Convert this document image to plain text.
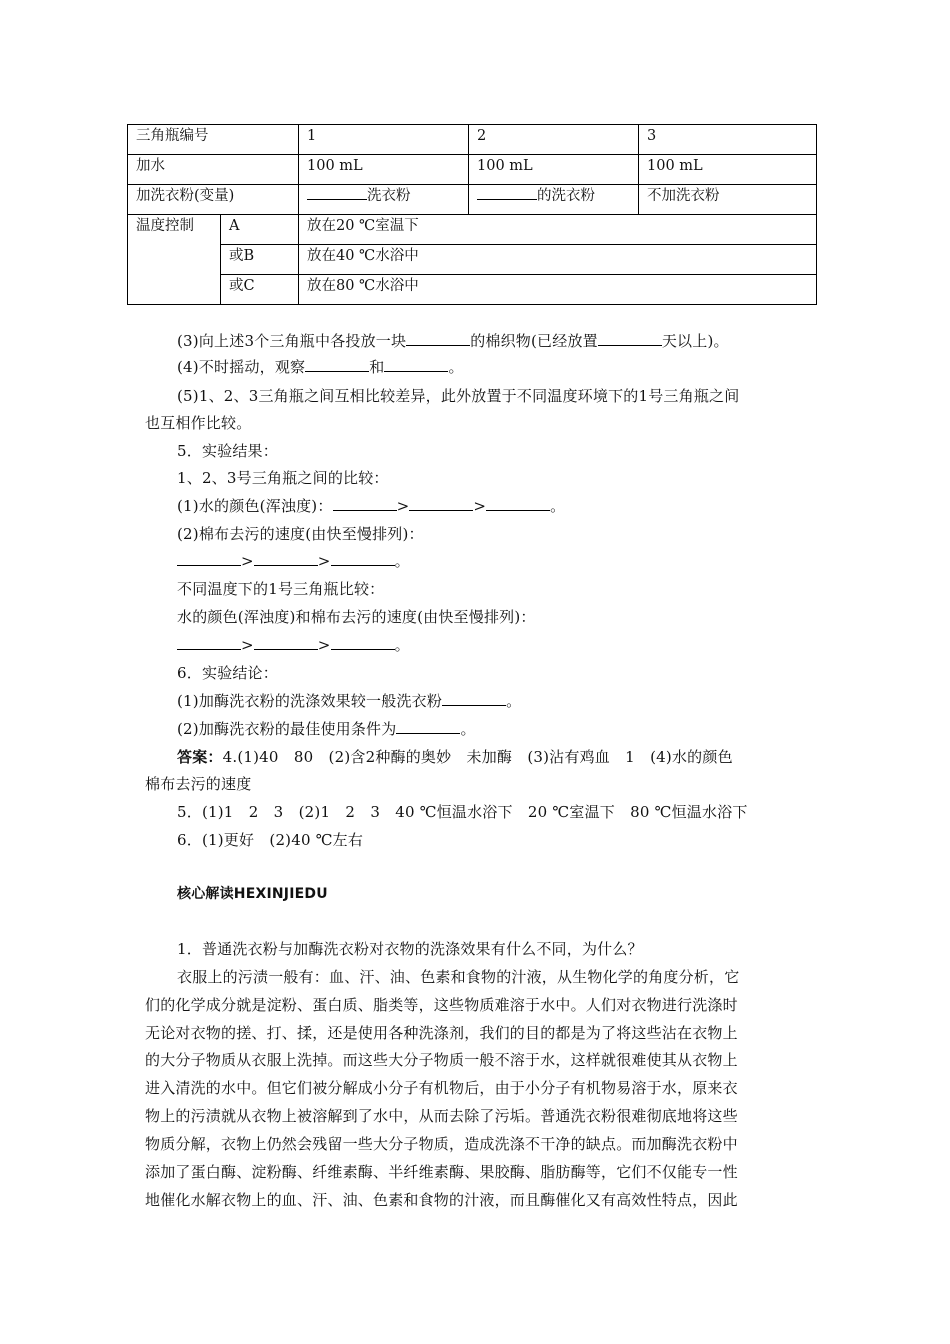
三角瓶编号		1	2	3
加水		100 mL	100 mL	100 mL
加洗衣粉(变量)		洗衣粉	的洗衣粉	不加洗衣粉
温度控制	A	放在20 ℃室温下		
	或B	放在40 ℃水浴中		
	或C	放在80 ℃水浴中		
(3)向上述3个三角瓶中各投放一块	的棉织物(已经放置	天以上)。
(4)不时摇动，观察	和	。
(5)1、2、3三角瓶之间互相比较差异，此外放置于不同温度环境下的1号三角瓶之间
也互相作比较。
5．实验结果：
1、2、3号三角瓶之间的比较：
(1)水的颜色(浑浊度)：	>	>	。
(2)棉布去污的速度(由快至慢排列)：
>	>	。
不同温度下的1号三角瓶比较：
水的颜色(浑浊度)和棉布去污的速度(由快至慢排列)：
>	>	。
6．实验结论：
(1)加酶洗衣粉的洗涤效果较一般洗衣粉	。
(2)加酶洗衣粉的最佳使用条件为	。
答案：4.(1)40　80　(2)含2种酶的奥妙　未加酶　(3)沾有鸡血　1　(4)水的颜色
棉布去污的速度
5．(1)1　2　3　(2)1　2　3　40 ℃恒温水浴下　20 ℃室温下　80 ℃恒温水浴下
6．(1)更好　(2)40 ℃左右
核心解读HEXINJIEDU
1．普通洗衣粉与加酶洗衣粉对衣物的洗涤效果有什么不同，为什么？
衣服上的污渍一般有：血、汗、油、色素和食物的汁液，从生物化学的角度分析，它
们的化学成分就是淀粉、蛋白质、脂类等，这些物质难溶于水中。人们对衣物进行洗涤时
无论对衣物的搓、打、揉，还是使用各种洗涤剂，我们的目的都是为了将这些沾在衣物上
的大分子物质从衣服上洗掉。而这些大分子物质一般不溶于水，这样就很难使其从衣物上
进入清洗的水中。但它们被分解成小分子有机物后，由于小分子有机物易溶于水，原来衣
物上的污渍就从衣物上被溶解到了水中，从而去除了污垢。普通洗衣粉很难彻底地将这些
物质分解，衣物上仍然会残留一些大分子物质，造成洗涤不干净的缺点。而加酶洗衣粉中
添加了蛋白酶、淀粉酶、纤维素酶、半纤维素酶、果胶酶、脂肪酶等，它们不仅能专一性
地催化水解衣物上的血、汗、油、色素和食物的汁液，而且酶催化又有高效性特点，因此
